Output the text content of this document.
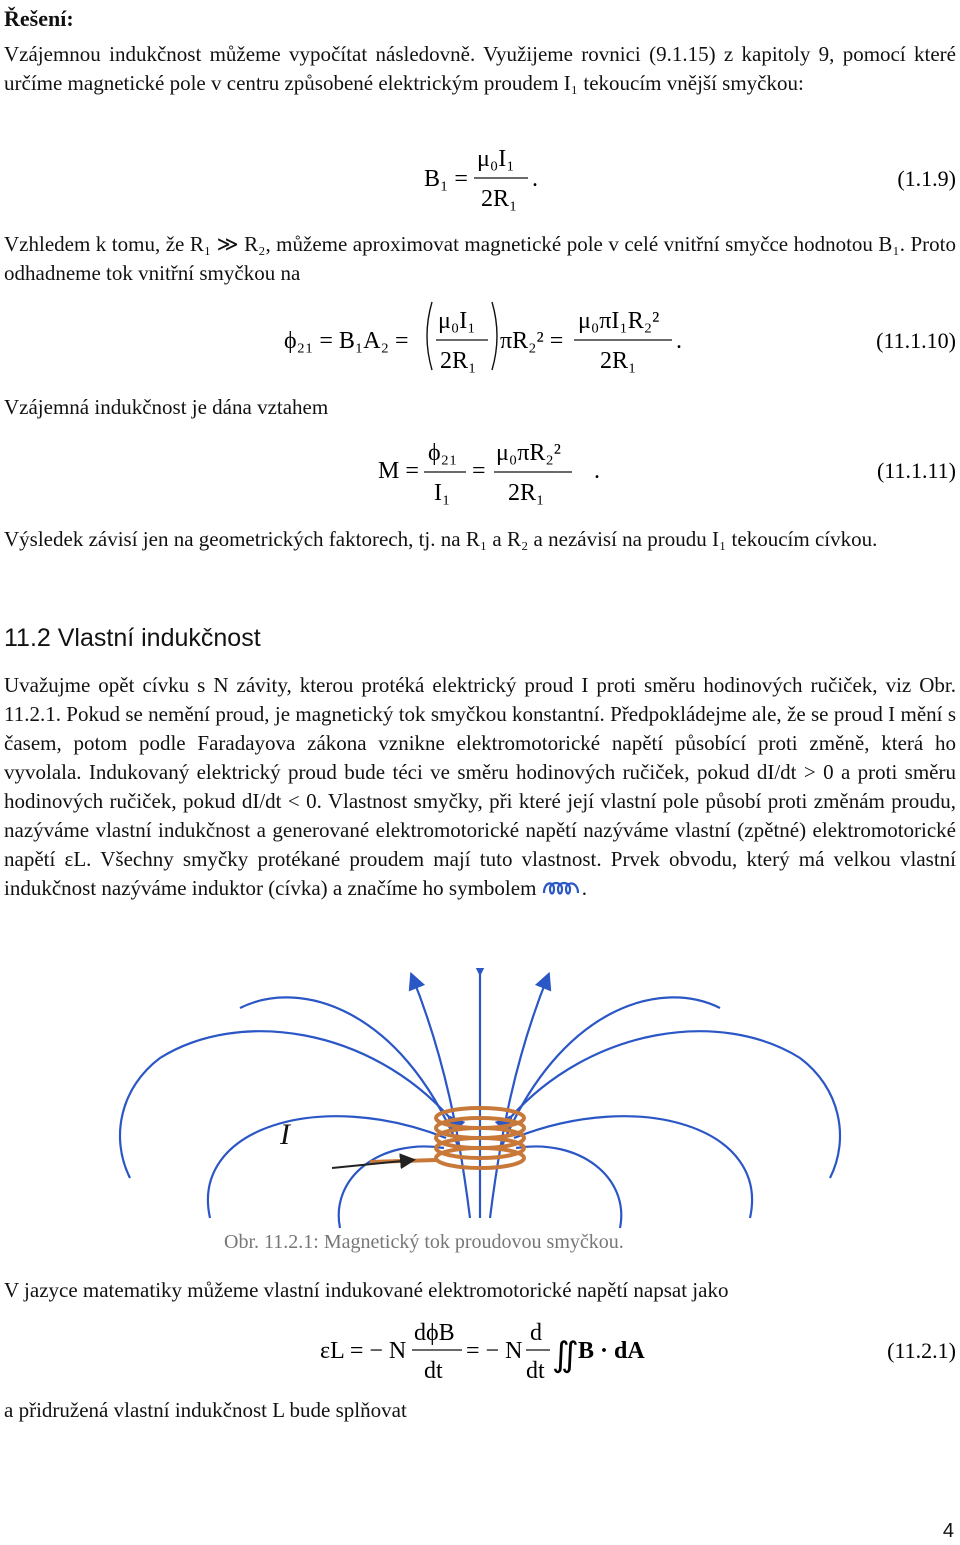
Řešení:
Vzájemnou indukčnost můžeme vypočítat následovně. Využijeme rovnici (9.1.15) z kapitoly 9, pomocí které určíme magnetické pole v centru způsobené elektrickým proudem I₁ tekoucím vnější smyčkou:
B₁ =
μ₀I₁
2R₁
.	(1.1.9)
Vzhledem k tomu, že R₁ ≫ R₂, můžeme aproximovat magnetické pole v celé vnitřní smyčce hodnotou B₁. Proto odhadneme tok vnitřní smyčkou na
ϕ₂₁ = B₁A₂ =
μ₀I₁
2R₁
πR₂² =
μ₀πI₁R₂²
2R₁
.	(11.1.10)
Vzájemná indukčnost je dána vztahem
M =
ϕ₂₁
I₁
=
μ₀πR₂²
2R₁
.	(11.1.11)
Výsledek závisí jen na geometrických faktorech, tj. na R₁ a R₂ a nezávisí na proudu I₁ tekoucím cívkou.
11.2 Vlastní indukčnost
Uvažujme opět cívku s N závity, kterou protéká elektrický proud I proti směru hodinových ručiček, viz Obr. 11.2.1. Pokud se nemění proud, je magnetický tok smyčkou konstantní. Předpokládejme ale, že se proud I mění s časem, potom podle Faradayova zákona vznikne elektromotorické napětí působící proti změně, která ho vyvolala. Indukovaný elektrický proud bude téci ve směru hodinových ručiček, pokud dI/dt > 0 a proti směru hodinových ručiček, pokud dI/dt < 0. Vlastnost smyčky, při které její vlastní pole působí proti změnám proudu, nazýváme vlastní indukčnost a generované elektromotorické napětí nazýváme vlastní (zpětné) elektromotorické napětí εL. Všechny smyčky protékané proudem mají tuto vlastnost. Prvek obvodu, který má velkou vlastní indukčnost nazýváme induktor (cívka) a značíme ho symbolem .
I
Obr. 11.2.1: Magnetický tok proudovou smyčkou.
V jazyce matematiky můžeme vlastní indukované elektromotorické napětí napsat jako
εL = − N
dϕB
dt
= − N
d
dt ∬ B · dA	(11.2.1)
a přidružená vlastní indukčnost L bude splňovat
4
